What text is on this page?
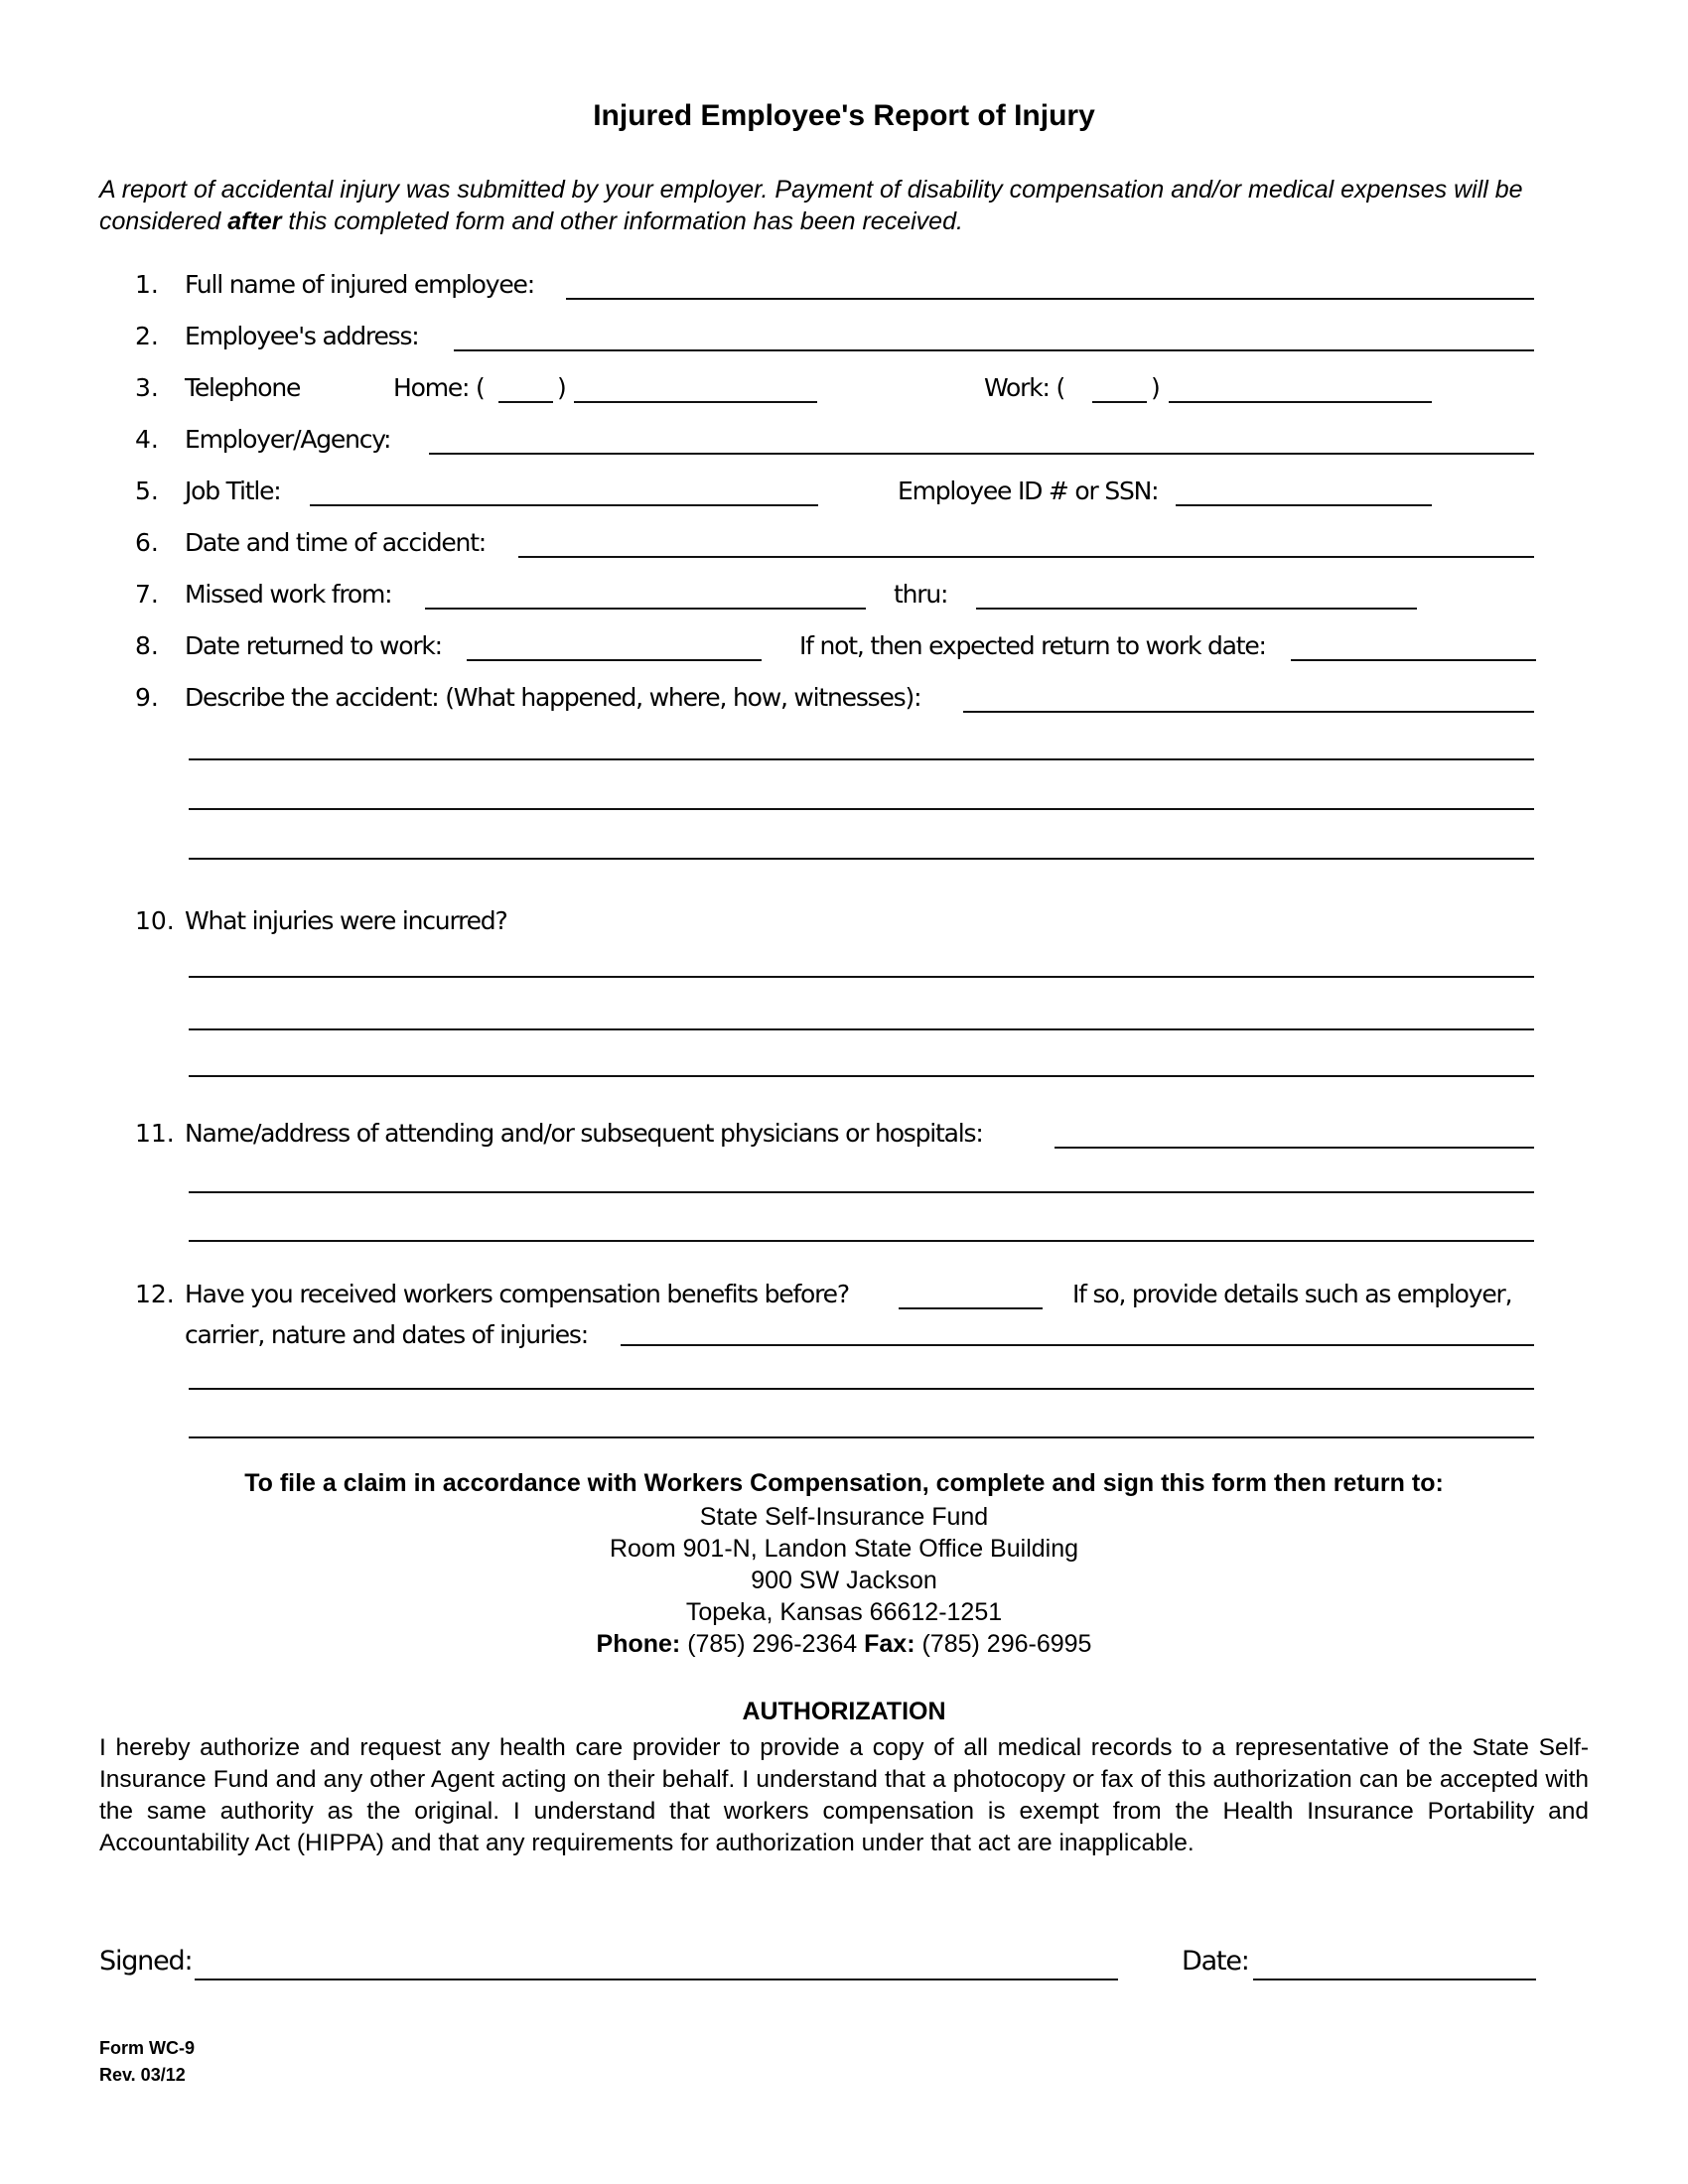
Injured Employee's Report of Injury
A report of accidental injury was submitted by your employer. Payment of disability compensation and/or medical expenses will be considered after this completed form and other information has been received.
1. Full name of injured employee:
2. Employee's address:
3. Telephone	Home: (	)	Work: (	)
4. Employer/Agency:
5. Job Title:	Employee ID # or SSN:
6. Date and time of accident:
7. Missed work from:	thru:
8. Date returned to work:	If not, then expected return to work date:
9. Describe the accident: (What happened, where, how, witnesses):
10. What injuries were incurred?
11. Name/address of attending and/or subsequent physicians or hospitals:
12. Have you received workers compensation benefits before?	If so, provide details such as employer,
carrier, nature and dates of injuries:
To file a claim in accordance with Workers Compensation, complete and sign this form then return to:
State Self-Insurance Fund
Room 901-N, Landon State Office Building
900 SW Jackson
Topeka, Kansas 66612-1251
Phone: (785) 296-2364 Fax: (785) 296-6995
AUTHORIZATION
I hereby authorize and request any health care provider to provide a copy of all medical records to a representative of the State Self-Insurance Fund and any other Agent acting on their behalf. I understand that a photocopy or fax of this authorization can be accepted with the same authority as the original. I understand that workers compensation is exempt from the Health Insurance Portability and Accountability Act (HIPPA) and that any requirements for authorization under that act are inapplicable.
Signed:	Date:
Form WC-9
Rev. 03/12
